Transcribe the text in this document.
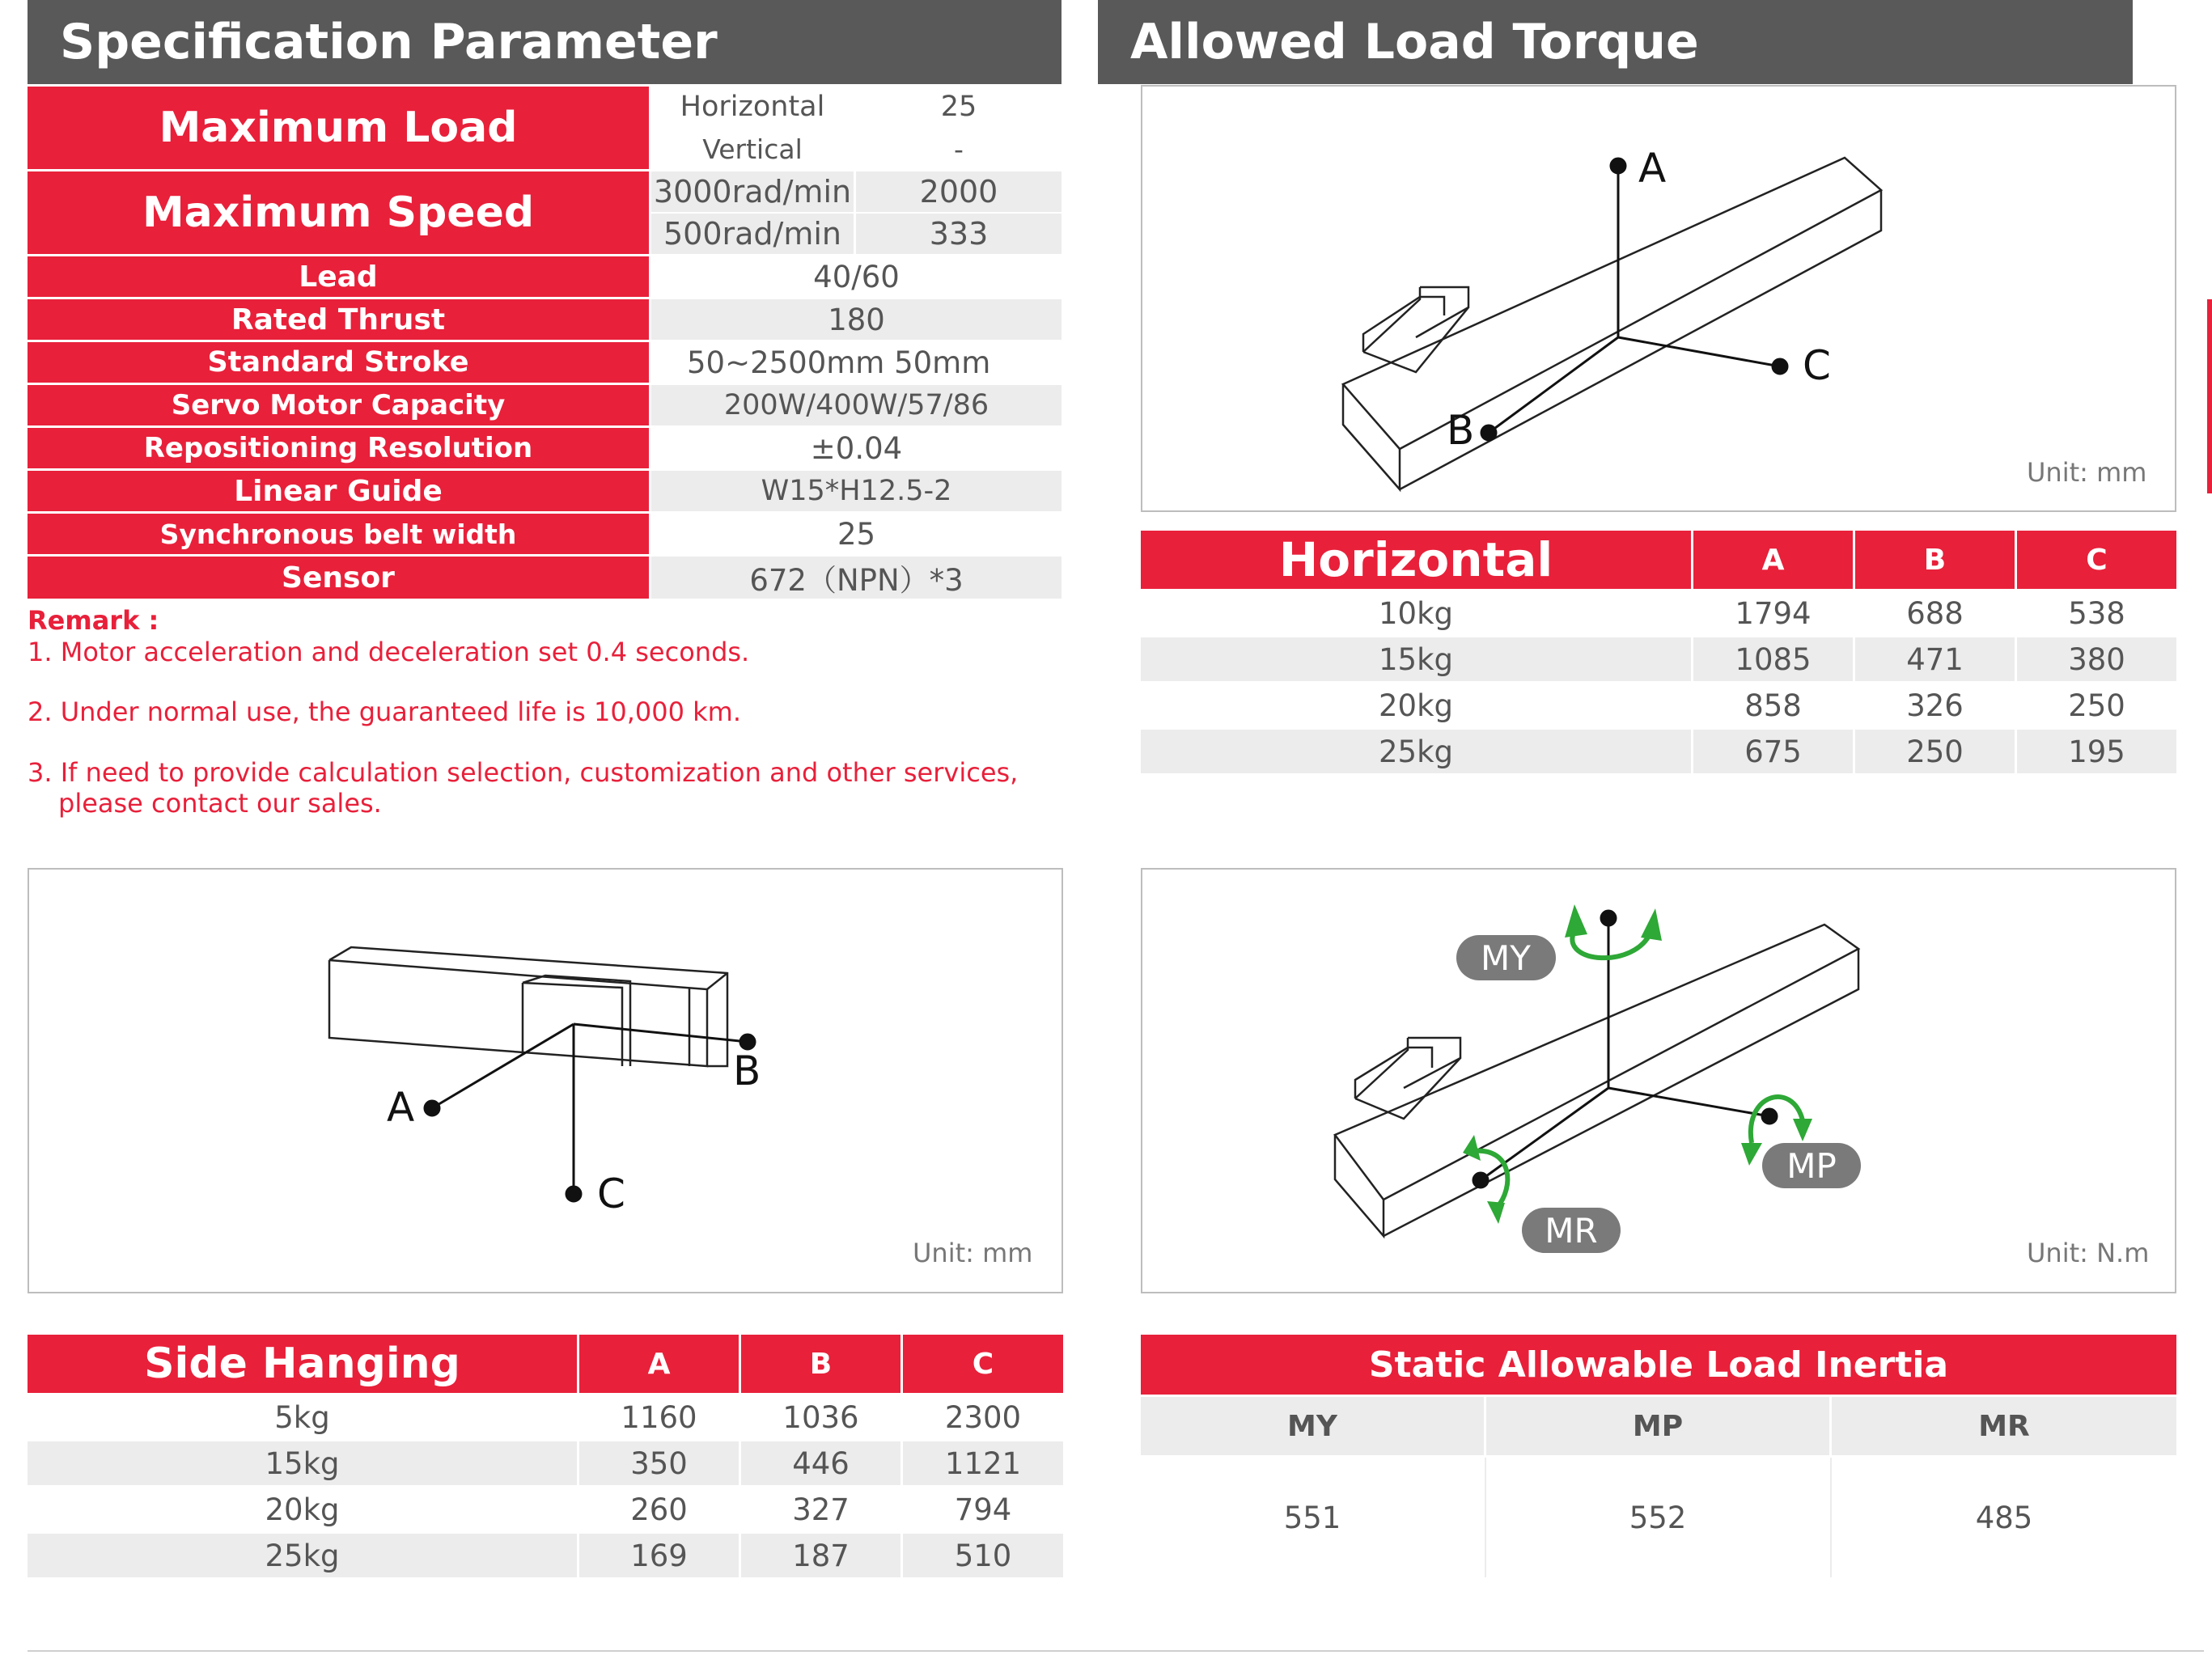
Specification Parameter
Maximum Load	Horizontal	25
Vertical	-
Maximum Speed	3000rad/min	2000
500rad/min	333
Lead	40/60
Rated Thrust	180
Standard Stroke	50~2500mm 50mm
Servo Motor Capacity	200W/400W/57/86
Repositioning Resolution	±0.04
Linear Guide	W15*H12.5-2
Synchronous belt width	25
Sensor	672（NPN）*3
Remark :
1. Motor acceleration and deceleration set 0.4 seconds.
2. Under normal use, the guaranteed life is 10,000 km.
3. If need to provide calculation selection, customization and other services,
please contact our sales.
Allowed Load Torque
A
C
B
Unit: mm
Horizontal	A	B	C
10kg	1794	688	538
15kg	1085	471	380
20kg	858	326	250
25kg	675	250	195
A
B
C
Unit: mm
MY
MP
MR
Unit: N.m
Side Hanging	A	B	C
5kg	1160	1036	2300
15kg	350	446	1121
20kg	260	327	794
25kg	169	187	510
Static Allowable Load Inertia
MY	MP	MR
551	552	485
